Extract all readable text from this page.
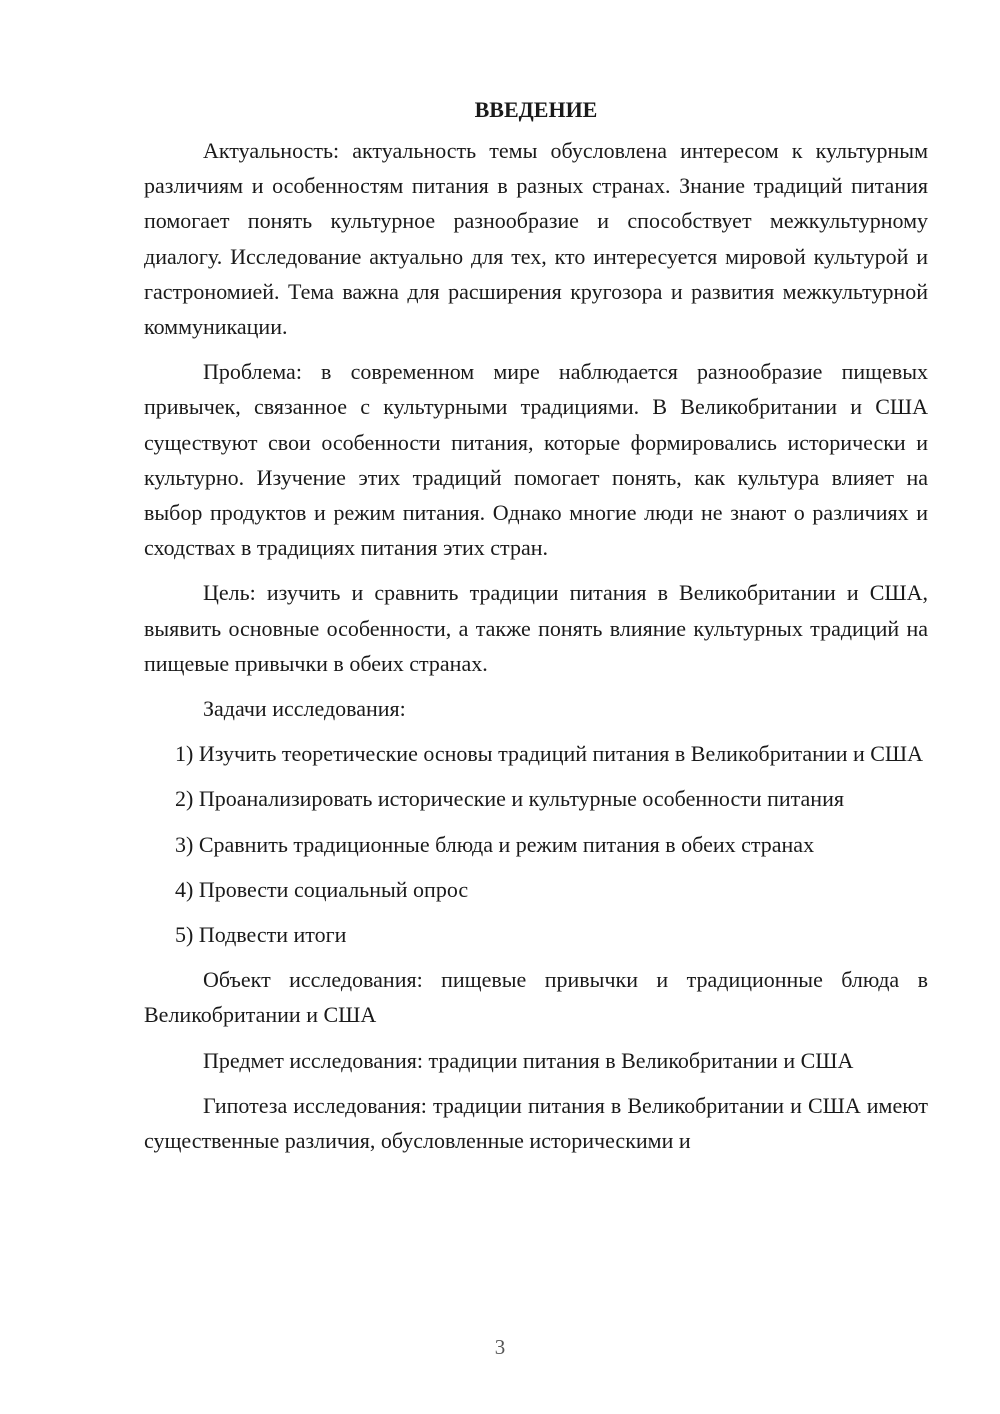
ВВЕДЕНИЕ

Актуальность: актуальность темы обусловлена интересом к культурным различиям и особенностям питания в разных странах. Знание традиций питания помогает понять культурное разнообразие и способствует межкультурному диалогу. Исследование актуально для тех, кто интересуется мировой культурой и гастрономией. Тема важна для расширения кругозора и развития межкультурной коммуникации.

Проблема: в современном мире наблюдается разнообразие пищевых привычек, связанное с культурными традициями. В Великобритании и США существуют свои особенности питания, которые формировались исторически и культурно. Изучение этих традиций помогает понять, как культура влияет на выбор продуктов и режим питания. Однако многие люди не знают о различиях и сходствах в традициях питания этих стран.

Цель: изучить и сравнить традиции питания в Великобритании и США, выявить основные особенности, а также понять влияние культурных традиций на пищевые привычки в обеих странах.

Задачи исследования:

1) Изучить теоретические основы традиций питания в Великобритании и США

2) Проанализировать исторические и культурные особенности питания

3) Сравнить традиционные блюда и режим питания в обеих странах

4) Провести социальный опрос

5) Подвести итоги

Объект исследования: пищевые привычки и традиционные блюда в Великобритании и США

Предмет исследования: традиции питания в Великобритании и США

Гипотеза исследования: традиции питания в Великобритании и США имеют существенные различия, обусловленные историческими и

3
